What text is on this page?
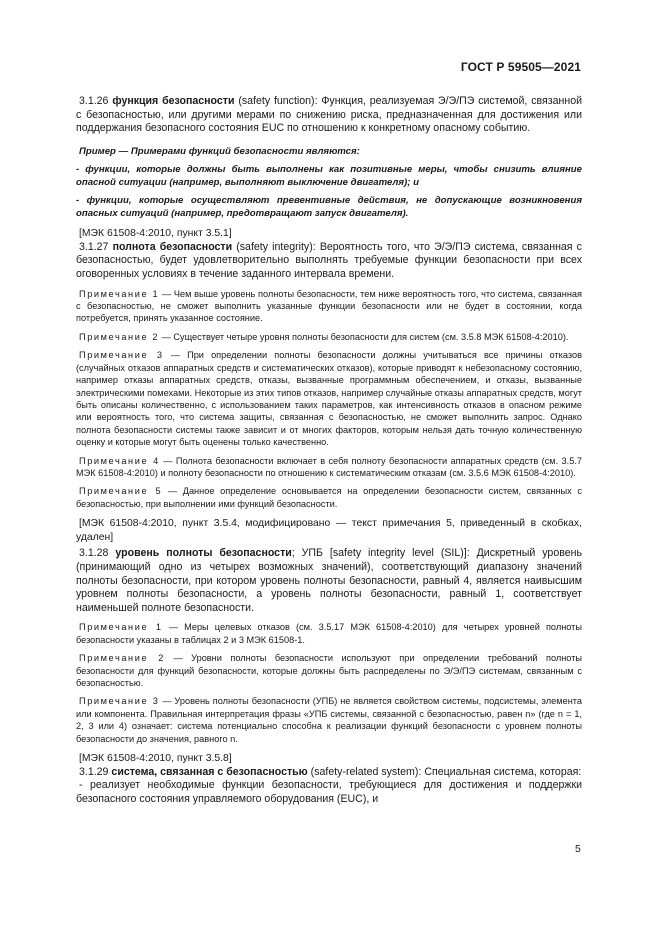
ГОСТ Р 59505—2021

3.1.26 функция безопасности (safety function): Функция, реализуемая Э/Э/ПЭ системой, связанной с безопасностью, или другими мерами по снижению риска, предназначенная для достижения или поддержания безопасного состояния EUC по отношению к конкретному опасному событию.

Пример — Примерами функций безопасности являются:

- функции, которые должны быть выполнены как позитивные меры, чтобы снизить влияние опасной ситуации (например, выполняют выключение двигателя); и

- функции, которые осуществляют превентивные действия, не допускающие возникновения опасных ситуаций (например, предотвращают запуск двигателя).

[МЭК 61508-4:2010, пункт 3.5.1]

3.1.27 полнота безопасности (safety integrity): Вероятность того, что Э/Э/ПЭ система, связанная с безопасностью, будет удовлетворительно выполнять требуемые функции безопасности при всех оговоренных условиях в течение заданного интервала времени.

Примечание 1 — Чем выше уровень полноты безопасности, тем ниже вероятность того, что система, связанная с безопасностью, не сможет выполнить указанные функции безопасности или не будет в состоянии, когда потребуется, принять указанное состояние.

Примечание 2 — Существует четыре уровня полноты безопасности для систем (см. 3.5.8 МЭК 61508-4:2010).

Примечание 3 — При определении полноты безопасности должны учитываться все причины отказов (случайных отказов аппаратных средств и систематических отказов), которые приводят к небезопасному состоянию, например отказы аппаратных средств, отказы, вызванные программным обеспечением, и отказы, вызванные электрическими помехами. Некоторые из этих типов отказов, например случайные отказы аппаратных средств, могут быть описаны количественно, с использованием таких параметров, как интенсивность отказов в опасном режиме или вероятность того, что система защиты, связанная с безопасностью, не сможет выполнить запрос. Однако полнота безопасности системы также зависит и от многих факторов, которым нельзя дать точную количественную оценку и которые могут быть оценены только качественно.

Примечание 4 — Полнота безопасности включает в себя полноту безопасности аппаратных средств (см. 3.5.7 МЭК 61508-4:2010) и полноту безопасности по отношению к систематическим отказам (см. 3.5.6 МЭК 61508-4:2010).

Примечание 5 — Данное определение основывается на определении безопасности систем, связанных с безопасностью, при выполнении ими функций безопасности.

[МЭК 61508-4:2010, пункт 3.5.4, модифицировано — текст примечания 5, приведенный в скобках, удален]

3.1.28 уровень полноты безопасности; УПБ [safety integrity level (SIL)]: Дискретный уровень (принимающий одно из четырех возможных значений), соответствующий диапазону значений полноты безопасности, при котором уровень полноты безопасности, равный 4, является наивысшим уровнем полноты безопасности, а уровень полноты безопасности, равный 1, соответствует наименьшей полноте безопасности.

Примечание 1 — Меры целевых отказов (см. 3.5.17 МЭК 61508-4:2010) для четырех уровней полноты безопасности указаны в таблицах 2 и 3 МЭК 61508-1.

Примечание 2 — Уровни полноты безопасности используют при определении требований полноты безопасности для функций безопасности, которые должны быть распределены по Э/Э/ПЭ системам, связанным с безопасностью.

Примечание 3 — Уровень полноты безопасности (УПБ) не является свойством системы, подсистемы, элемента или компонента. Правильная интерпретация фразы «УПБ системы, связанной с безопасностью, равен n» (где n = 1, 2, 3 или 4) означает: система потенциально способна к реализации функций безопасности с уровнем полноты безопасности до значения, равного n.

[МЭК 61508-4:2010, пункт 3.5.8]

3.1.29 система, связанная с безопасностью (safety-related system): Специальная система, которая:

- реализует необходимые функции безопасности, требующиеся для достижения и поддержки безопасного состояния управляемого оборудования (EUC), и

5
